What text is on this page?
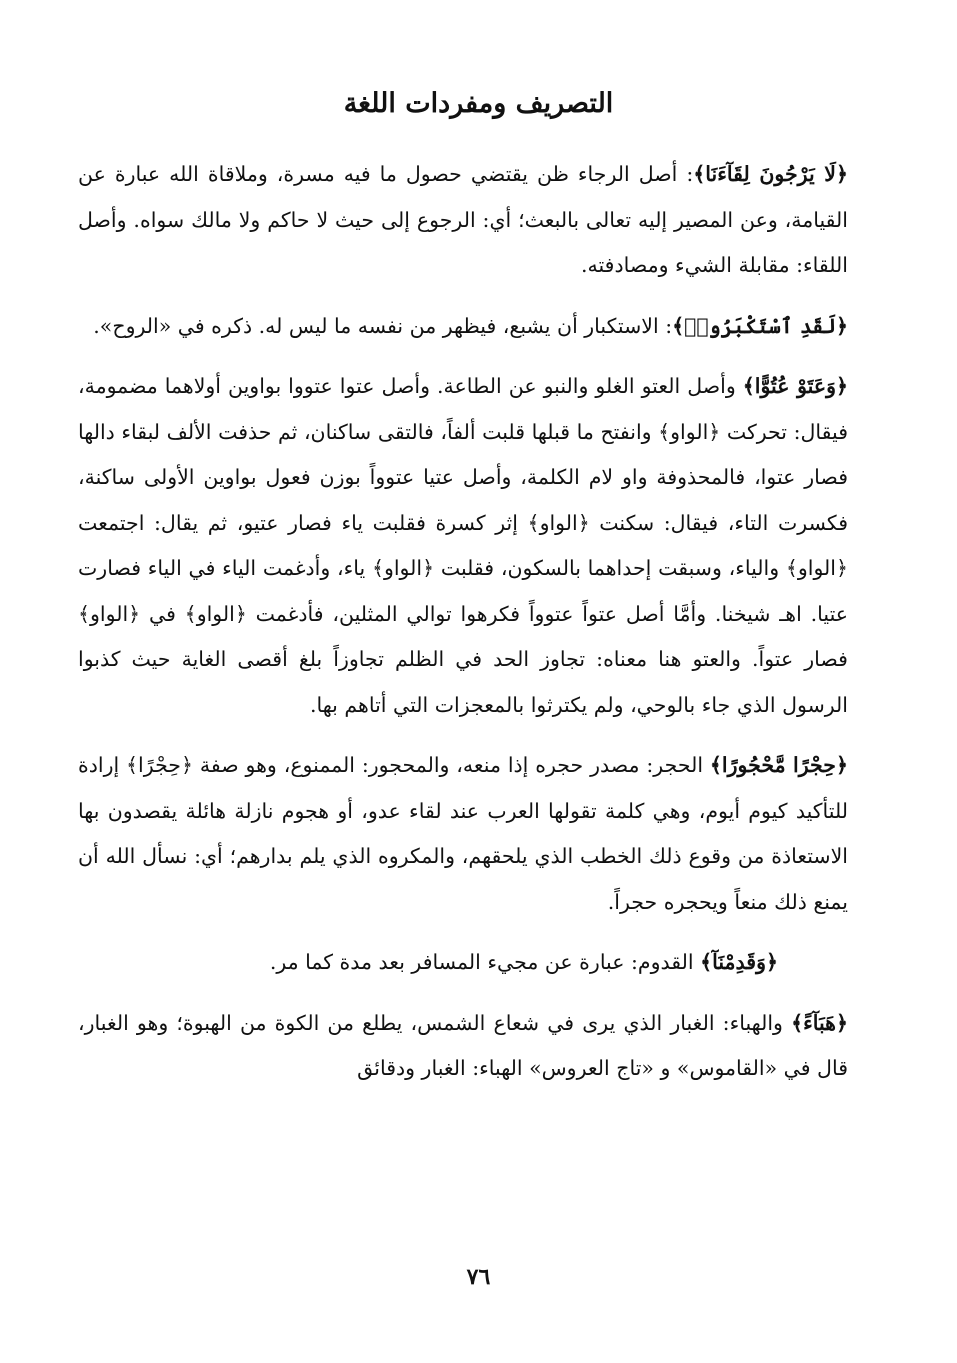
التصريف ومفردات اللغة

﴿لَا يَرْجُونَ لِقَآءَنَا﴾: أصل الرجاء ظن يقتضي حصول ما فيه مسرة، وملاقاة الله عبارة عن القيامة، وعن المصير إليه تعالى بالبعث؛ أي: الرجوع إلى حيث لا حاكم ولا مالك سواه. وأصل اللقاء: مقابلة الشيء ومصادفته.

﴿لَقَدِ ٱسْتَكْبَرُوا۟﴾: الاستكبار أن يشبع، فيظهر من نفسه ما ليس له. ذكره في «الروح».

﴿وَعَتَوْ عُتُوًّا﴾ وأصل العتو الغلو والنبو عن الطاعة. وأصل عتوا عتووا بواوين أولاهما مضمومة، فيقال: تحركت ﴿الواو﴾ وانفتح ما قبلها قلبت ألفاً، فالتقى ساكنان، ثم حذفت الألف لبقاء دالها فصار عتوا، فالمحذوفة واو لام الكلمة، وأصل عتيا عتوواً بوزن فعول بواوين الأولى ساكنة، فكسرت التاء، فيقال: سكنت ﴿الواو﴾ إثر كسرة فقلبت ياء فصار عتيو، ثم يقال: اجتمعت ﴿الواو﴾ والياء، وسبقت إحداهما بالسكون، فقلبت ﴿الواو﴾ ياء، وأدغمت الياء في الياء فصارت عتيا. اهـ شيخنا. وأمَّا أصل عتواً عتوواً فكرهوا توالي المثلين، فأدغمت ﴿الواو﴾ في ﴿الواو﴾ فصار عتواً. والعتو هنا معناه: تجاوز الحد في الظلم تجاوزاً بلغ أقصى الغاية حيث كذبوا الرسول الذي جاء بالوحي، ولم يكترثوا بالمعجزات التي أتاهم بها.

﴿حِجْرًا مَّحْجُورًا﴾ الحجر: مصدر حجره إذا منعه، والمحجور: الممنوع، وهو صفة ﴿حِجْرًا﴾ إرادة للتأكيد كيوم أيوم، وهي كلمة تقولها العرب عند لقاء عدو، أو هجوم نازلة هائلة يقصدون بها الاستعاذة من وقوع ذلك الخطب الذي يلحقهم، والمكروه الذي يلم بدارهم؛ أي: نسأل الله أن يمنع ذلك منعاً ويحجره حجراً.

﴿وَقَدِمْنَآ﴾ القدوم: عبارة عن مجيء المسافر بعد مدة كما مر.

﴿هَبَآءً﴾ والهباء: الغبار الذي يرى في شعاع الشمس، يطلع من الكوة من الهبوة؛ وهو الغبار، قال في «القاموس» و «تاج العروس» الهباء: الغبار ودقائق

٧٦
